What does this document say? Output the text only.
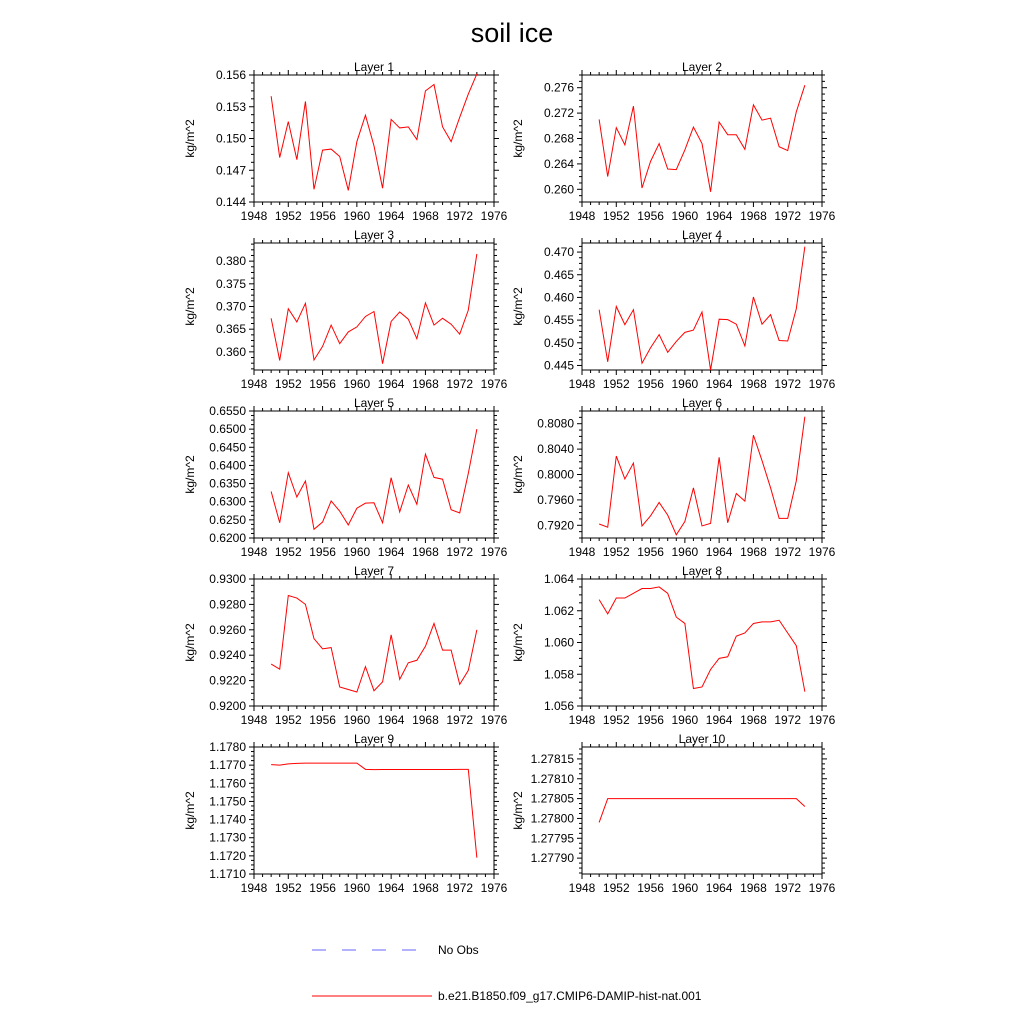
soil ice
Layer 1
1948 1952 1956 1960 1964 1968 1972 1976
0.144
0.147
0.150
0.153
0.156
kg/m^2
Layer 2
1948 1952 1956 1960 1964 1968 1972 1976
0.260
0.264
0.268
0.272
0.276
kg/m^2
Layer 3
1948 1952 1956 1960 1964 1968 1972 1976
0.360
0.365
0.370
0.375
0.380
kg/m^2
Layer 4
1948 1952 1956 1960 1964 1968 1972 1976
0.445
0.450
0.455
0.460
0.465
0.470
kg/m^2
Layer 5
1948 1952 1956 1960 1964 1968 1972 1976
0.6200
0.6250
0.6300
0.6350
0.6400
0.6450
0.6500
0.6550
kg/m^2
Layer 6
1948 1952 1956 1960 1964 1968 1972 1976
0.7920
0.7960
0.8000
0.8040
0.8080
kg/m^2
Layer 7
1948 1952 1956 1960 1964 1968 1972 1976
0.9200
0.9220
0.9240
0.9260
0.9280
0.9300
kg/m^2
Layer 8
1948 1952 1956 1960 1964 1968 1972 1976
1.056
1.058
1.060
1.062
1.064
kg/m^2
Layer 9
1948 1952 1956 1960 1964 1968 1972 1976
1.1710
1.1720
1.1730
1.1740
1.1750
1.1760
1.1770
1.1780
kg/m^2
Layer 10
1948 1952 1956 1960 1964 1968 1972 1976
1.27790
1.27795
1.27800
1.27805
1.27810
1.27815
kg/m^2
No Obs
b.e21.B1850.f09_g17.CMIP6-DAMIP-hist-nat.001
